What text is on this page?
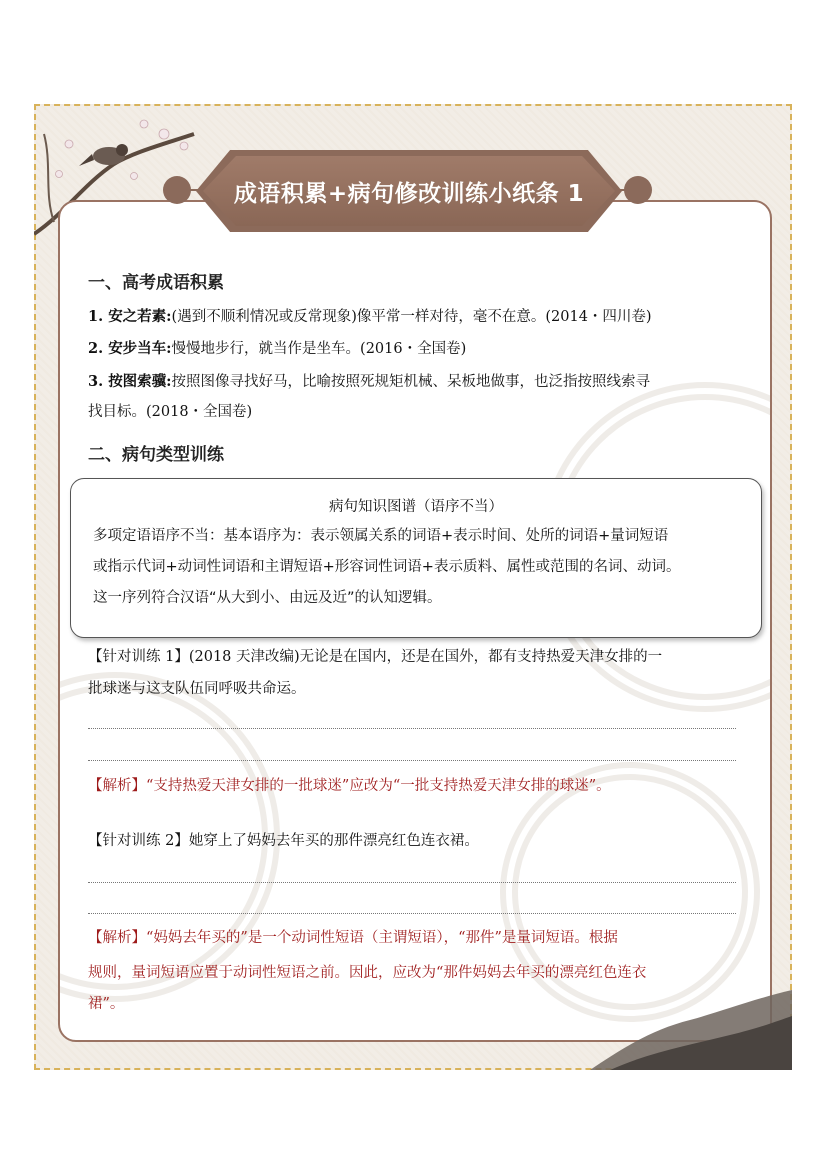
成语积累+病句修改训练小纸条 1
一、高考成语积累
1. 安之若素:(遇到不顺利情况或反常现象)像平常一样对待，毫不在意。(2014・四川卷)
2. 安步当车:慢慢地步行，就当作是坐车。(2016・全国卷)
3. 按图索骥:按照图像寻找好马，比喻按照死规矩机械、呆板地做事，也泛指按照线索寻
找目标。(2018・全国卷)
二、病句类型训练
病句知识图谱（语序不当）
多项定语语序不当：基本语序为：表示领属关系的词语+表示时间、处所的词语+量词短语
或指示代词+动词性词语和主谓短语+形容词性词语+表示质料、属性或范围的名词、动词。
这一序列符合汉语“从大到小、由远及近”的认知逻辑。
【针对训练 1】(2018 天津改编)无论是在国内，还是在国外，都有支持热爱天津女排的一
批球迷与这支队伍同呼吸共命运。
【解析】“支持热爱天津女排的一批球迷”应改为“一批支持热爱天津女排的球迷”。
【针对训练 2】她穿上了妈妈去年买的那件漂亮红色连衣裙。
【解析】“妈妈去年买的”是一个动词性短语（主谓短语），“那件”是量词短语。根据
规则，量词短语应置于动词性短语之前。因此，应改为“那件妈妈去年买的漂亮红色连衣
裙”。
